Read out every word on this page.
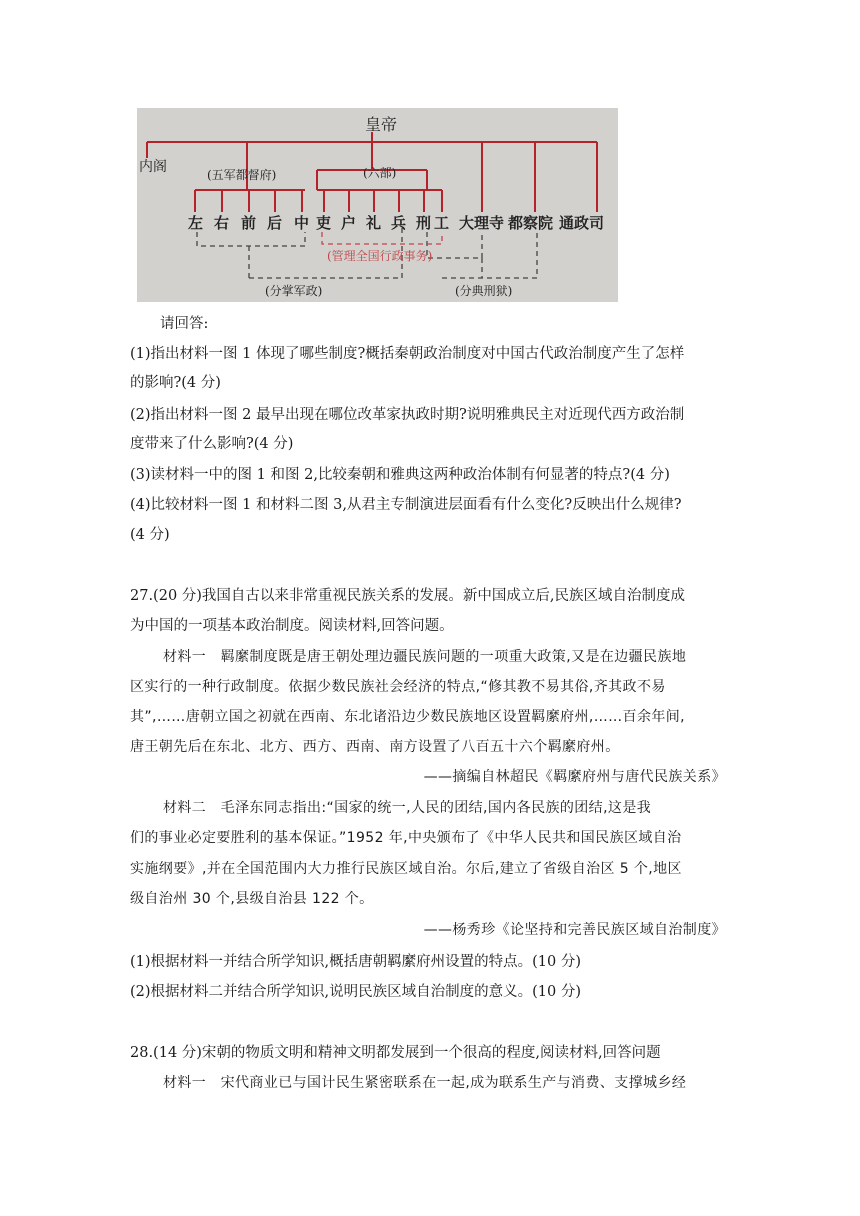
皇帝
内阁	(五军都督府)	(六部)
左 右 前 后 中 吏 户 礼 兵 刑 工 大理寺 都察院 通政司
(管理全国行政事务)
(分掌军政)	(分典刑狱)
请回答:
(1)指出材料一图 1 体现了哪些制度?概括秦朝政治制度对中国古代政治制度产生了怎样
的影响?(4 分)
(2)指出材料一图 2 最早出现在哪位改革家执政时期?说明雅典民主对近现代西方政治制
度带来了什么影响?(4 分)
(3)读材料一中的图 1 和图 2,比较秦朝和雅典这两种政治体制有何显著的特点?(4 分)
(4)比较材料一图 1 和材料二图 3,从君主专制演进层面看有什么变化?反映出什么规律?
(4 分)
27.(20 分)我国自古以来非常重视民族关系的发展。新中国成立后,民族区域自治制度成
为中国的一项基本政治制度。阅读材料,回答问题。
材料一　羁縻制度既是唐王朝处理边疆民族问题的一项重大政策,又是在边疆民族地
区实行的一种行政制度。依据少数民族社会经济的特点,“修其教不易其俗,齐其政不易
其”,……唐朝立国之初就在西南、东北诸沿边少数民族地区设置羁縻府州,……百余年间,
唐王朝先后在东北、北方、西方、西南、南方设置了八百五十六个羁縻府州。
——摘编自林超民《羁縻府州与唐代民族关系》
材料二　毛泽东同志指出:“国家的统一,人民的团结,国内各民族的团结,这是我
们的事业必定要胜利的基本保证。”1952 年,中央颁布了《中华人民共和国民族区域自治
实施纲要》,并在全国范围内大力推行民族区域自治。尔后,建立了省级自治区 5 个,地区
级自治州 30 个,县级自治县 122 个。
——杨秀珍《论坚持和完善民族区域自治制度》
(1)根据材料一并结合所学知识,概括唐朝羁縻府州设置的特点。(10 分)
(2)根据材料二并结合所学知识,说明民族区域自治制度的意义。(10 分)
28.(14 分)宋朝的物质文明和精神文明都发展到一个很高的程度,阅读材料,回答问题
材料一　宋代商业已与国计民生紧密联系在一起,成为联系生产与消费、支撑城乡经
